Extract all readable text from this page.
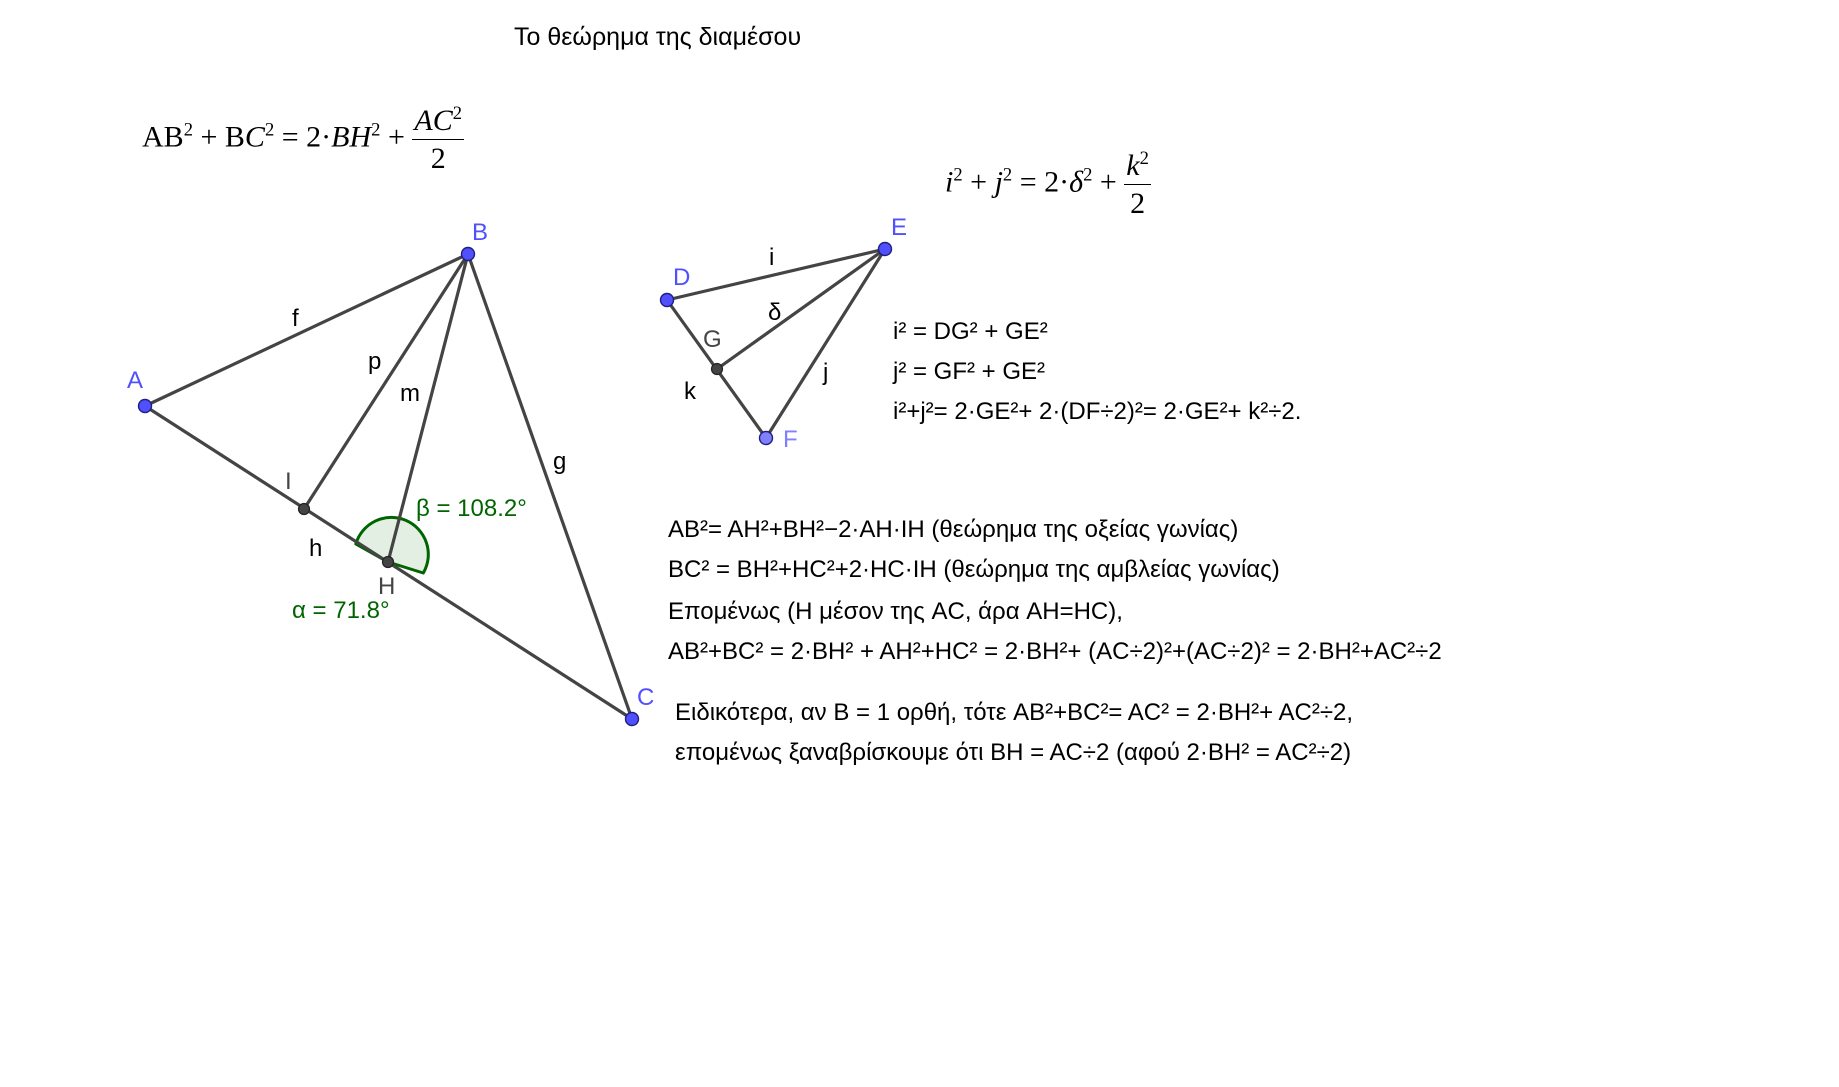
A
B
C
H
I
D
E
F
G
f
g
h
p
m
i
j
k
δ
β = 108.2°
α = 71.8°
Το θεώρημα της διαμέσου
$AB^2 + BC^2 = 2\cdot BH^2 + \frac{AC^2}{2}$
$i^2 + j^2 = 2\cdot\delta^2 + \frac{k^2}{2}$
i² = DG² + GE²
j² = GF² + GE²
i²+j²= 2·GE²+ 2·(DF÷2)²= 2·GE²+ k²÷2.
AB²= AH²+BH²−2·AH·IH (θεώρημα της οξείας γωνίας)
BC² = BH²+HC²+2·HC·IH (θεώρημα της αμβλείας γωνίας)
Επομένως (H μέσον της AC, άρα AH=HC),
AB²+BC² = 2·BH² + AH²+HC² = 2·BH²+ (AC÷2)²+(AC÷2)² = 2·BH²+AC²÷2
Ειδικότερα, αν B = 1 ορθή, τότε AB²+BC²= AC² = 2·BH²+ AC²÷2,
επομένως ξαναβρίσκουμε ότι BH = AC÷2 (αφού 2·BH² = AC²÷2)
